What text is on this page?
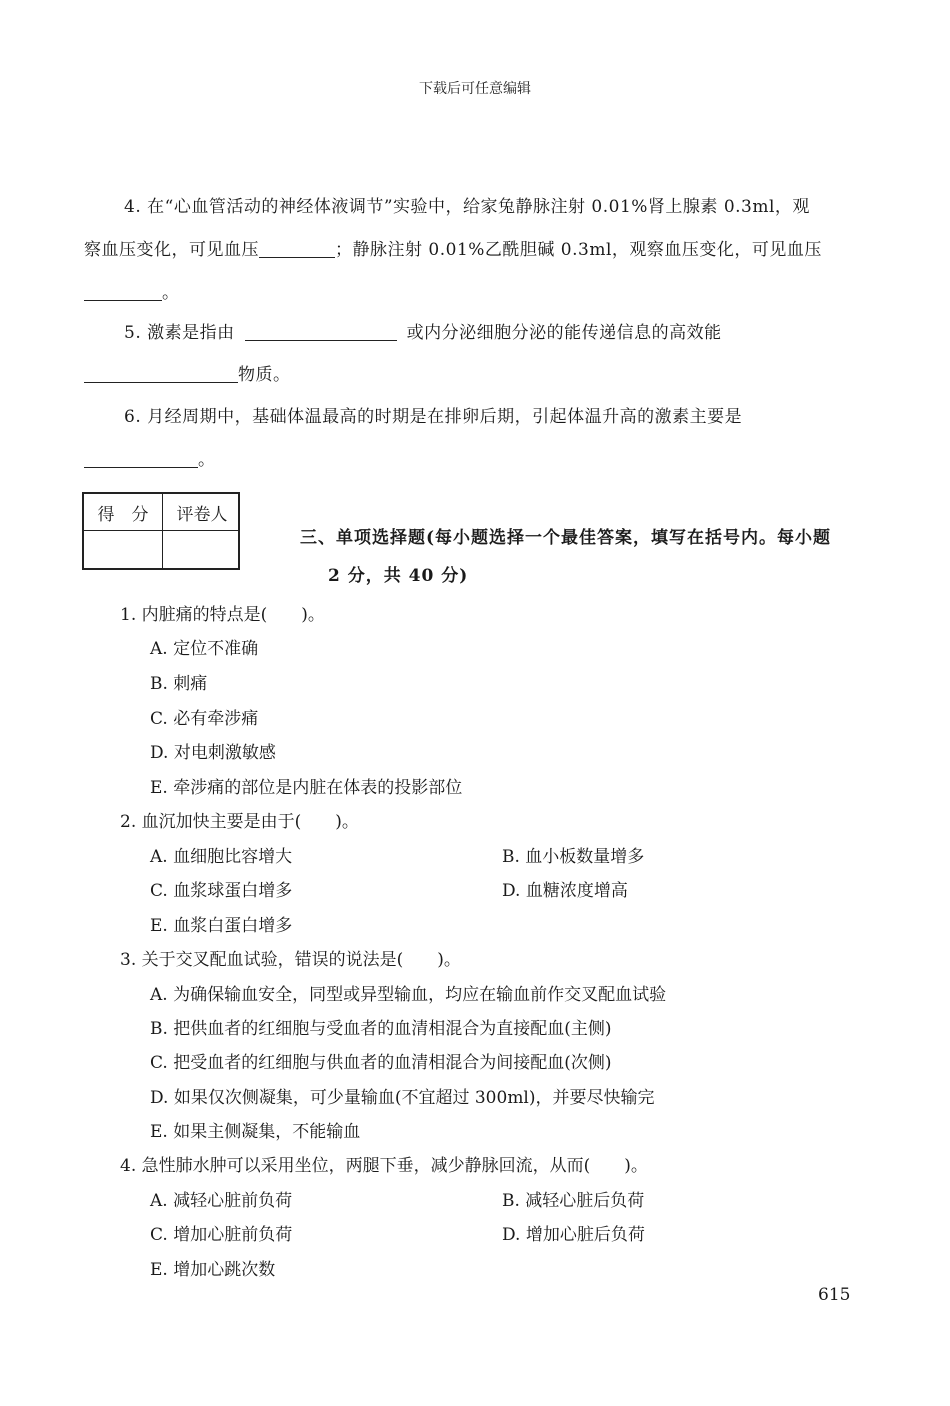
下载后可任意编辑
4. 在“心血管活动的神经体液调节”实验中，给家兔静脉注射 0.01%肾上腺素 0.3ml，观
察血压变化，可见血压	；静脉注射 0.01%乙酰胆碱 0.3ml，观察血压变化，可见血压
。
5. 激素是指由	或内分泌细胞分泌的能传递信息的高效能
物质。
6. 月经周期中，基础体温最高的时期是在排卵后期，引起体温升高的激素主要是
。
得　分	评卷人
三、单项选择题(每小题选择一个最佳答案，填写在括号内。每小题
2 分，共 40 分)
1. 内脏痛的特点是(　　)。
A. 定位不准确
B. 刺痛
C. 必有牵涉痛
D. 对电刺激敏感
E. 牵涉痛的部位是内脏在体表的投影部位
2. 血沉加快主要是由于(　　)。
A. 血细胞比容增大	B. 血小板数量增多
C. 血浆球蛋白增多	D. 血糖浓度增高
E. 血浆白蛋白增多
3. 关于交叉配血试验，错误的说法是(　　)。
A. 为确保输血安全，同型或异型输血，均应在输血前作交叉配血试验
B. 把供血者的红细胞与受血者的血清相混合为直接配血(主侧)
C. 把受血者的红细胞与供血者的血清相混合为间接配血(次侧)
D. 如果仅次侧凝集，可少量输血(不宜超过 300ml)，并要尽快输完
E. 如果主侧凝集，不能输血
4. 急性肺水肿可以采用坐位，两腿下垂，减少静脉回流，从而(　　)。
A. 减轻心脏前负荷	B. 减轻心脏后负荷
C. 增加心脏前负荷	D. 增加心脏后负荷
E. 增加心跳次数
615
